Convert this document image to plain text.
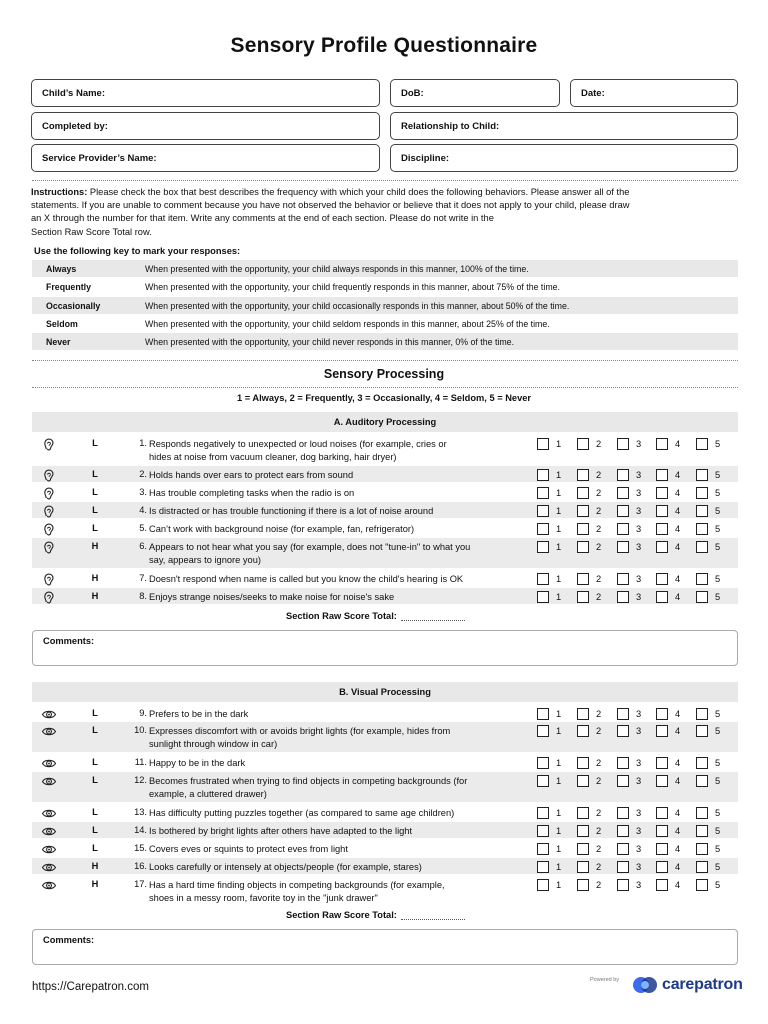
Sensory Profile Questionnaire
Child’s Name:	DoB:	Date:
Completed by:	Relationship to Child:
Service Provider’s Name:	Discipline:
Instructions: Please check the box that best describes the frequency with which your child does the following behaviors. Please answer all of the
statements. If you are unable to comment because you have not observed the behavior or believe that it does not apply to your child, please draw
an X through the number for that item. Write any comments at the end of each section. Please do not write in the
Section Raw Score Total row.
Use the following key to mark your responses:
Always	When presented with the opportunity, your child always responds in this manner, 100% of the time.
Frequently	When presented with the opportunity, your child frequently responds in this manner, about 75% of the time.
Occasionally	When presented with the opportunity, your child occasionally responds in this manner, about 50% of the time.
Seldom	When presented with the opportunity, your child seldom responds in this manner, about 25% of the time.
Never	When presented with the opportunity, your child never responds in this manner, 0% of the time.
Sensory Processing
1 = Always, 2 = Frequently, 3 = Occasionally, 4 = Seldom, 5 = Never
A. Auditory Processing
L	1. Responds negatively to unexpected or loud noises (for example, cries or
hides at noise from vacuum cleaner, dog barking, hair dryer)
1	2	3	4	5
L	2. Holds hands over ears to protect ears from sound	1	2	3	4	5
L	3. Has trouble completing tasks when the radio is on	1	2	3	4	5
L	4. Is distracted or has trouble functioning if there is a lot of noise around	1	2	3	4	5
L	5. Can’t work with background noise (for example, fan, refrigerator)	1	2	3	4	5
H	6. Appears to not hear what you say (for example, does not "tune-in" to what you
say, appears to ignore you)
1	2	3	4	5
H	7. Doesn't respond when name is called but you know the child's hearing is OK	1	2	3	4	5
H	8. Enjoys strange noises/seeks to make noise for noise's sake	1	2	3	4	5
Section Raw Score Total:
Comments:
B. Visual Processing
L	9. Prefers to be in the dark	1	2	3	4	5
L	10. Expresses discomfort with or avoids bright lights (for example, hides from
sunlight through window in car)
1	2	3	4	5
L	11. Happy to be in the dark	1	2	3	4	5
L	12. Becomes frustrated when trying to find objects in competing backgrounds (for
example, a cluttered drawer)
1	2	3	4	5
L	13. Has difficulty putting puzzles together (as compared to same age children)	1	2	3	4	5
L	14. Is bothered by bright lights after others have adapted to the light	1	2	3	4	5
L	15. Covers eves or squints to protect eves from light	1	2	3	4	5
H	16. Looks carefully or intensely at objects/people (for example, stares)	1	2	3	4	5
H	17. Has a hard time finding objects in competing backgrounds (for example,
shoes in a messy room, favorite toy in the "junk drawer"
1	2	3	4	5
Section Raw Score Total:
Comments:
https://Carepatron.com
Powered by	carepatron
